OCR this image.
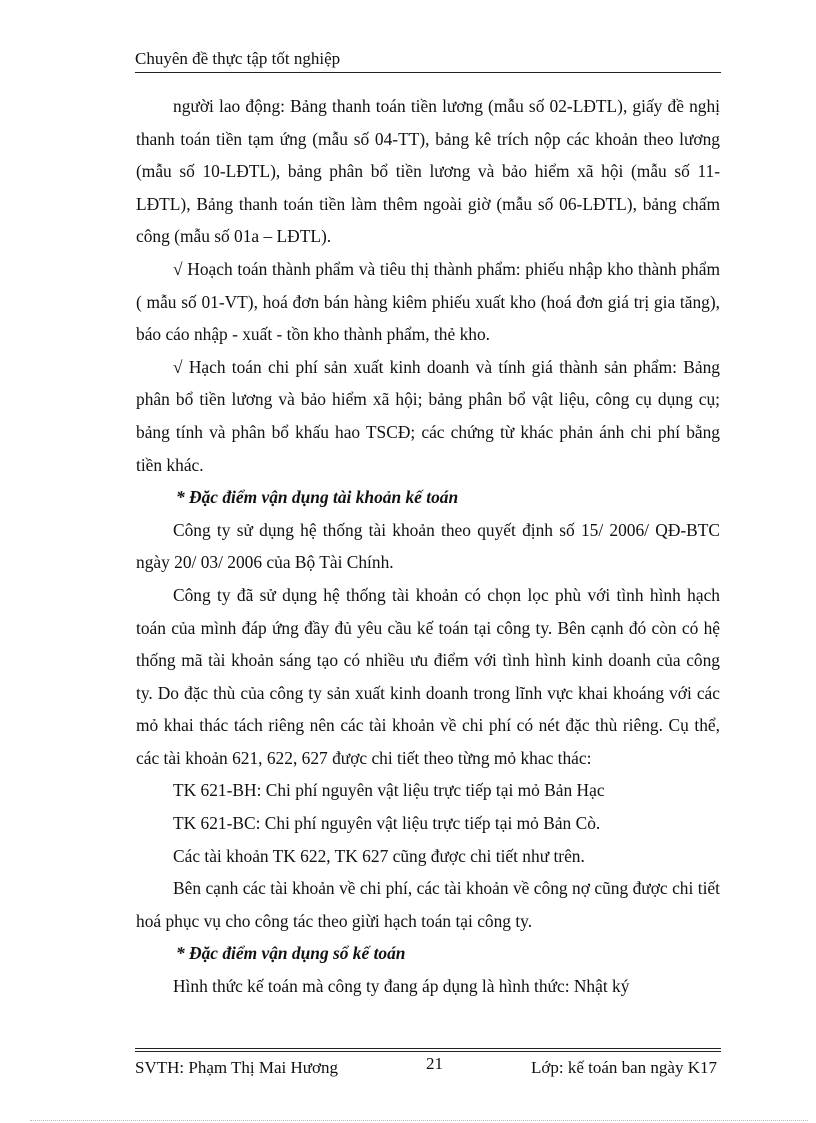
Chuyên đề thực tập tốt nghiệp

người lao động: Bảng thanh toán tiền lương (mẫu số 02-LĐTL), giấy đề nghị thanh toán tiền tạm ứng (mẫu số 04-TT), bảng kê trích nộp các khoản theo lương (mẫu số 10-LĐTL), bảng phân bổ tiền lương và bảo hiểm xã hội (mẫu số 11-LĐTL), Bảng thanh toán tiền làm thêm ngoài giờ (mẫu số 06-LĐTL), bảng chấm công (mẫu số 01a – LĐTL).

√ Hoạch toán thành phẩm và tiêu thị thành phẩm: phiếu nhập kho thành phẩm ( mẫu số 01-VT), hoá đơn bán hàng kiêm phiếu xuất kho (hoá đơn giá trị gia tăng), báo cáo nhập - xuất - tồn kho thành phẩm, thẻ kho.

√ Hạch toán chi phí sản xuất kinh doanh và tính giá thành sản phẩm: Bảng phân bổ tiền lương và bảo hiểm xã hội; bảng phân bổ vật liệu, công cụ dụng cụ; bảng tính và phân bổ khấu hao TSCĐ; các chứng từ khác phản ánh chi phí bằng tiền khác.

* Đặc điểm vận dụng tài khoản kế toán

Công ty sử dụng hệ thống tài khoản theo quyết định số 15/ 2006/ QĐ-BTC ngày 20/ 03/ 2006 của Bộ Tài Chính.

Công ty đã sử dụng hệ thống tài khoản có chọn lọc phù với tình hình hạch toán của mình đáp ứng đầy đủ yêu cầu kế toán tại công ty. Bên cạnh đó còn có hệ thống mã tài khoản sáng tạo có nhiều ưu điểm với tình hình kinh doanh của công ty. Do đặc thù của công ty sản xuất kinh doanh trong lĩnh vực khai khoáng với các mỏ khai thác tách riêng nên các tài khoản về chi phí có nét đặc thù riêng. Cụ thể, các tài khoản 621, 622, 627 được chi tiết theo từng mỏ khac thác:

TK 621-BH: Chi phí nguyên vật liệu trực tiếp tại mỏ Bản Hạc

TK 621-BC: Chi phí nguyên vật liệu trực tiếp tại mỏ Bản Cò.

Các tài khoản TK 622, TK 627 cũng được chi tiết như trên.

Bên cạnh các tài khoản về chi phí, các tài khoản về công nợ cũng được chi tiết hoá phục vụ cho công tác theo giừi hạch toán tại công ty.

* Đặc điểm vận dụng sổ kế toán

Hình thức kế toán mà công ty đang áp dụng là hình thức: Nhật ký

SVTH: Phạm Thị Mai Hương	21	Lớp: kế toán ban ngày K17
